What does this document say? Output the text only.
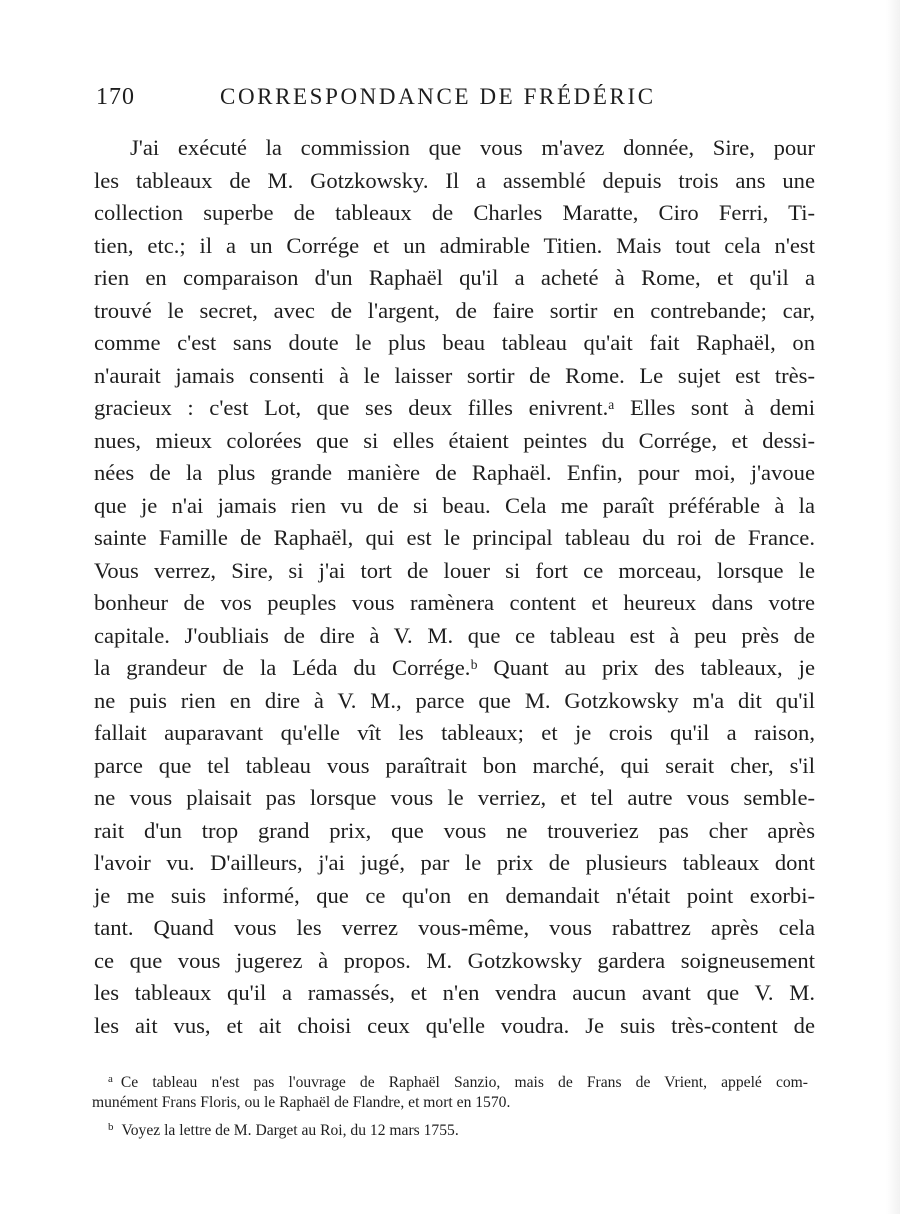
170	CORRESPONDANCE DE FRÉDÉRIC
J'ai exécuté la commission que vous m'avez donnée, Sire, pour
les tableaux de M. Gotzkowsky. Il a assemblé depuis trois ans une
collection superbe de tableaux de Charles Maratte, Ciro Ferri, Ti-
tien, etc.; il a un Corrége et un admirable Titien. Mais tout cela n'est
rien en comparaison d'un Raphaël qu'il a acheté à Rome, et qu'il a
trouvé le secret, avec de l'argent, de faire sortir en contrebande; car,
comme c'est sans doute le plus beau tableau qu'ait fait Raphaël, on
n'aurait jamais consenti à le laisser sortir de Rome. Le sujet est très-
gracieux : c'est Lot, que ses deux filles enivrent.ᵃ Elles sont à demi
nues, mieux colorées que si elles étaient peintes du Corrége, et dessi-
nées de la plus grande manière de Raphaël. Enfin, pour moi, j'avoue
que je n'ai jamais rien vu de si beau. Cela me paraît préférable à la
sainte Famille de Raphaël, qui est le principal tableau du roi de France.
Vous verrez, Sire, si j'ai tort de louer si fort ce morceau, lorsque le
bonheur de vos peuples vous ramènera content et heureux dans votre
capitale. J'oubliais de dire à V. M. que ce tableau est à peu près de
la grandeur de la Léda du Corrége.ᵇ Quant au prix des tableaux, je
ne puis rien en dire à V. M., parce que M. Gotzkowsky m'a dit qu'il
fallait auparavant qu'elle vît les tableaux; et je crois qu'il a raison,
parce que tel tableau vous paraîtrait bon marché, qui serait cher, s'il
ne vous plaisait pas lorsque vous le verriez, et tel autre vous semble-
rait d'un trop grand prix, que vous ne trouveriez pas cher après
l'avoir vu. D'ailleurs, j'ai jugé, par le prix de plusieurs tableaux dont
je me suis informé, que ce qu'on en demandait n'était point exorbi-
tant. Quand vous les verrez vous-même, vous rabattrez après cela
ce que vous jugerez à propos. M. Gotzkowsky gardera soigneusement
les tableaux qu'il a ramassés, et n'en vendra aucun avant que V. M.
les ait vus, et ait choisi ceux qu'elle voudra. Je suis très-content de
$^a$ Ce tableau n'est pas l'ouvrage de Raphaël Sanzio, mais de Frans de Vrient, appelé com-
munément Frans Floris, ou le Raphaël de Flandre, et mort en 1570.
$^b$ Voyez la lettre de M. Darget au Roi, du 12 mars 1755.
